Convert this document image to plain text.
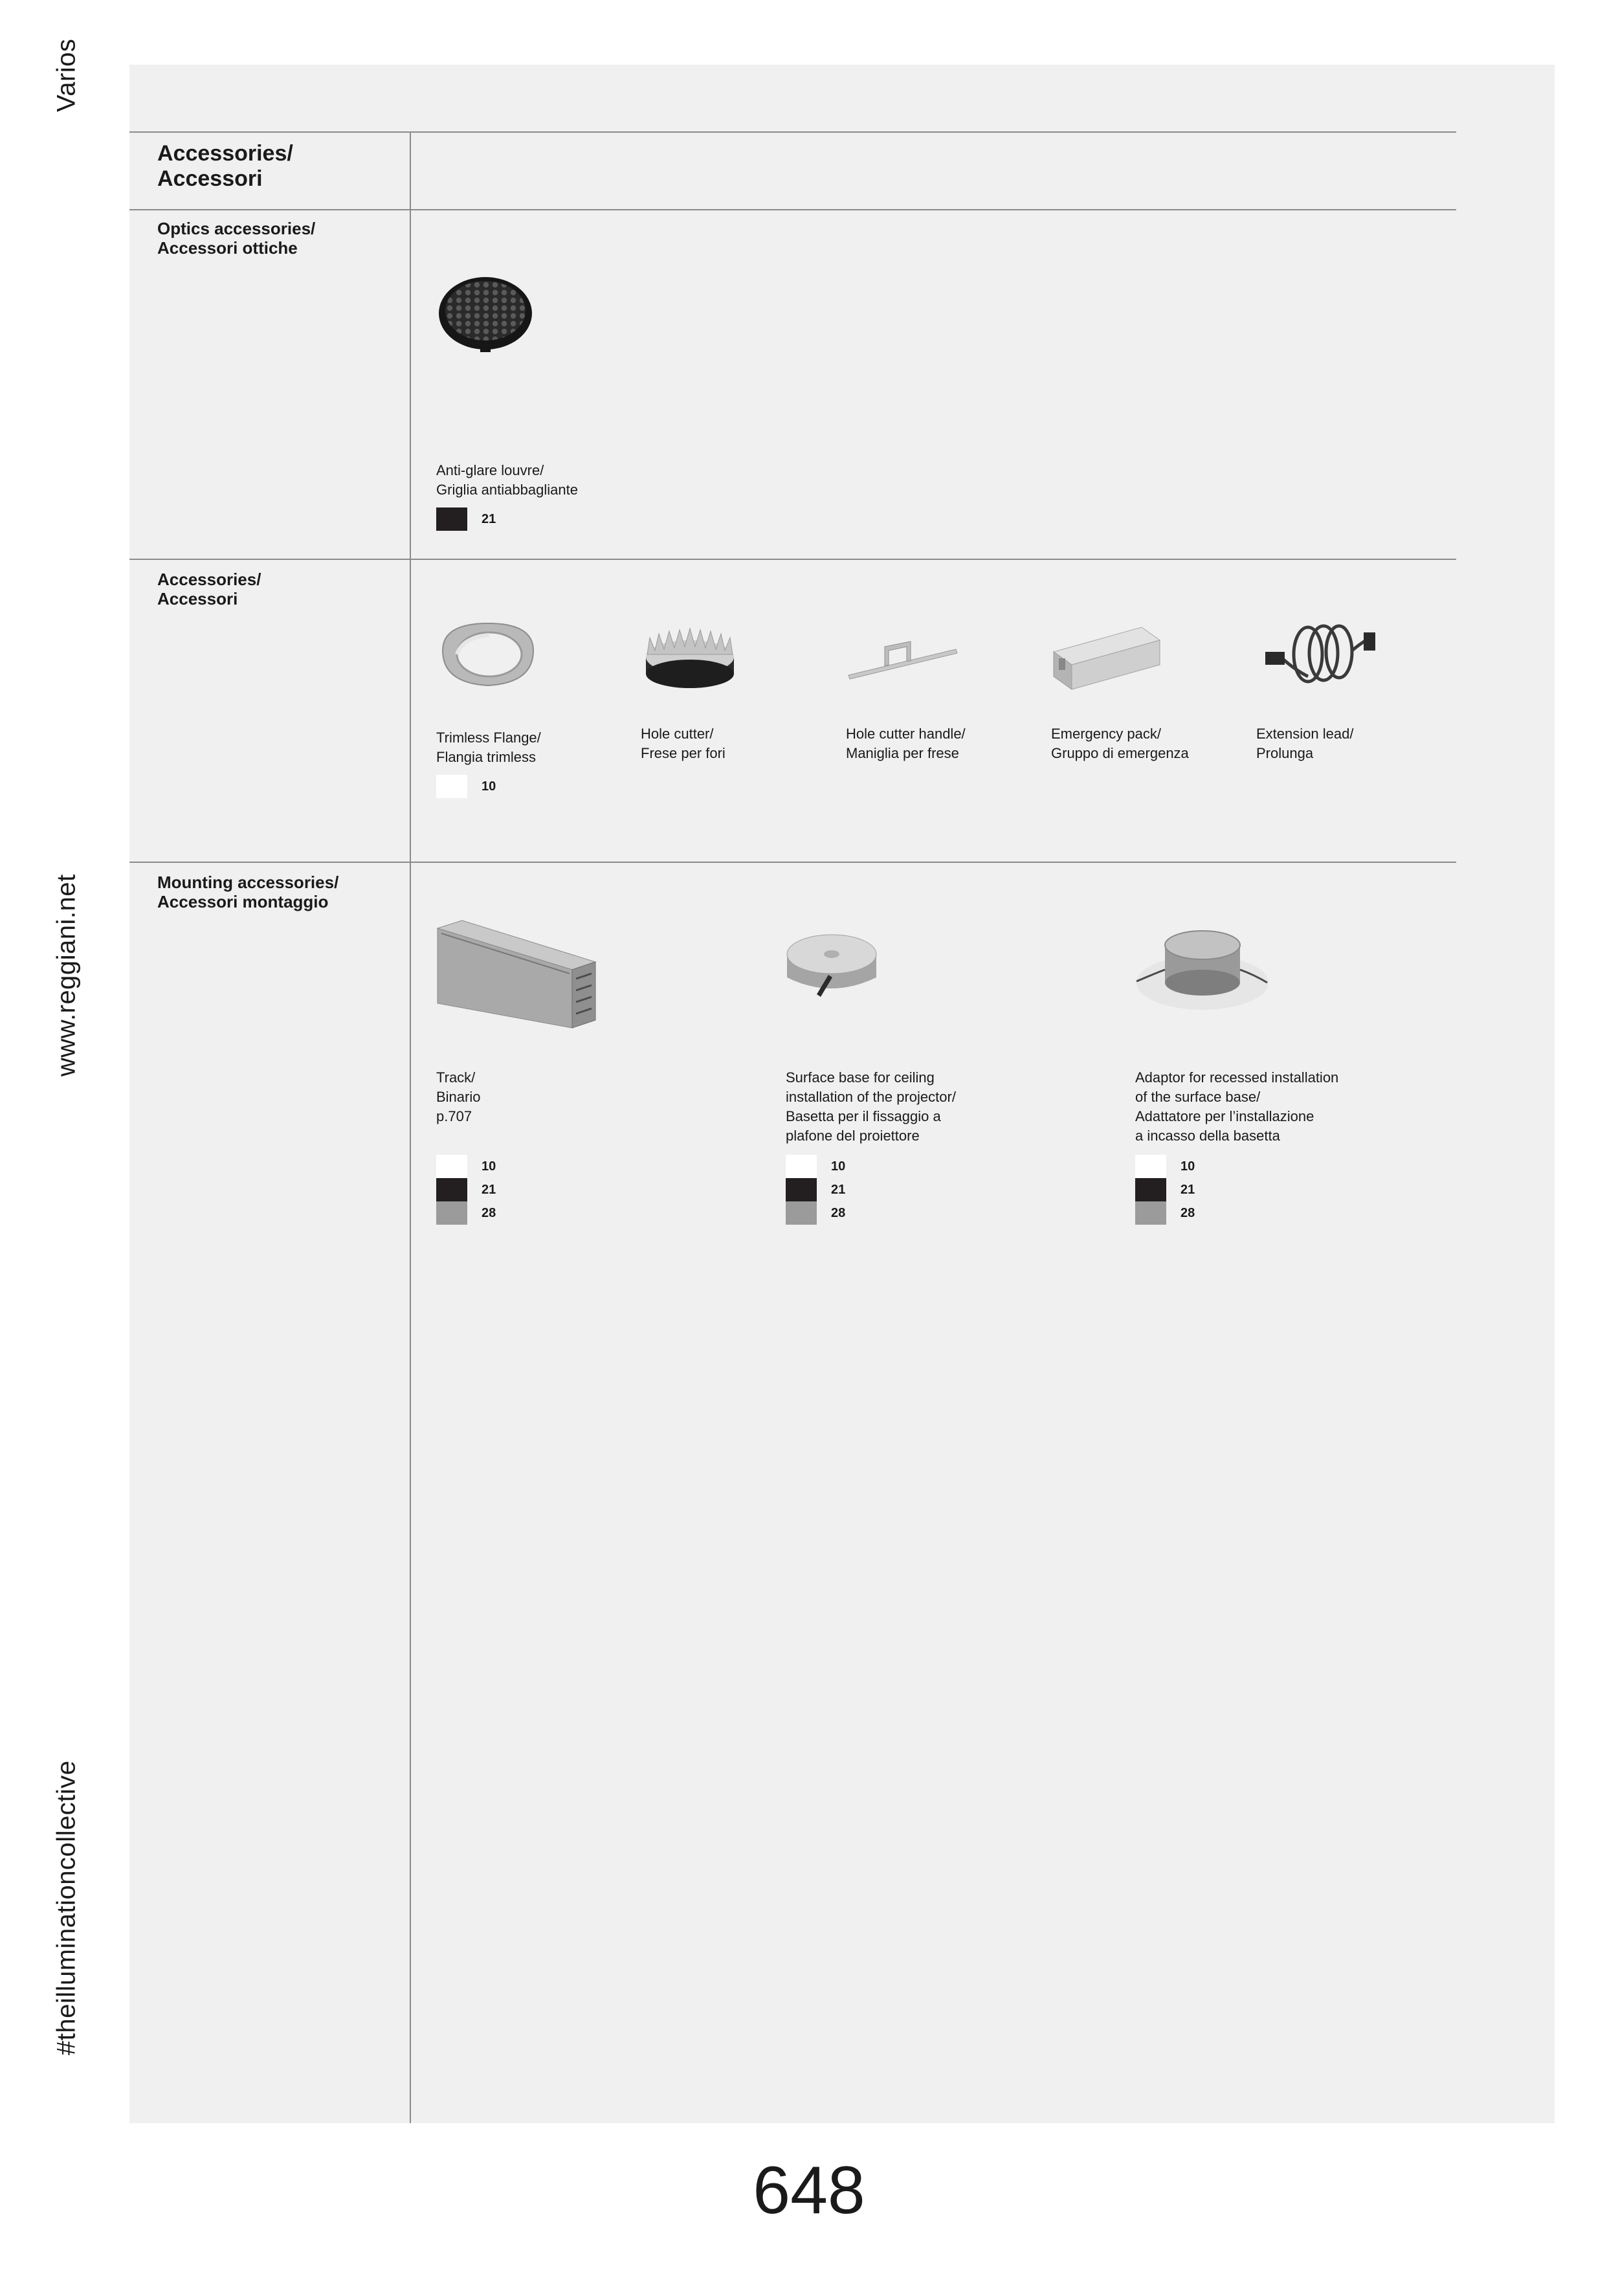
Varios
www.reggiani.net
#theilluminationcollective
Accessories/
Accessori
Optics accessories/
Accessori ottiche
Anti-glare louvre/
Griglia antiabbagliante
21
Accessories/
Accessori
Trimless Flange/
Flangia trimless
10
Hole cutter/
Frese per fori
Hole cutter handle/
Maniglia per frese
Emergency pack/
Gruppo di emergenza
Extension lead/
Prolunga
Mounting accessories/
Accessori montaggio
Track/
Binario
p.707
10
21
28
Surface base for ceiling
installation of the projector/
Basetta per il fissaggio a
plafone del proiettore
10
21
28
Adaptor for recessed installation
of the surface base/
Adattatore per l’installazione
a incasso della basetta
10
21
28
648
